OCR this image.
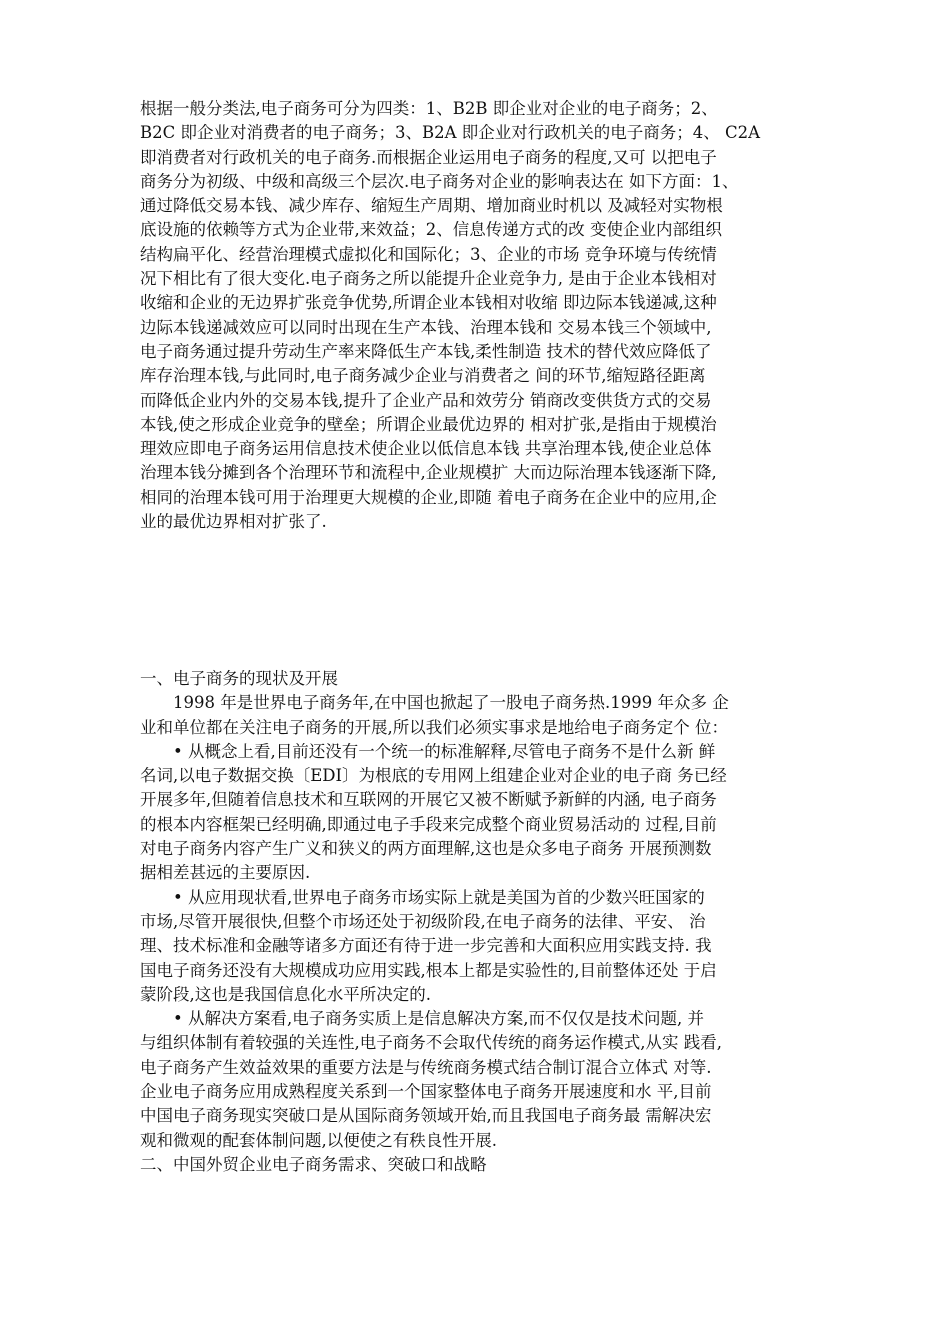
根据一般分类法,电子商务可分为四类：1、B2B 即企业对企业的电子商务；2、
B2C 即企业对消费者的电子商务；3、B2A 即企业对行政机关的电子商务；4、 C2A
即消费者对行政机关的电子商务.而根据企业运用电子商务的程度,又可 以把电子
商务分为初级、中级和高级三个层次.电子商务对企业的影响表达在 如下方面：1、
通过降低交易本钱、减少库存、缩短生产周期、增加商业时机以 及减轻对实物根
底设施的依赖等方式为企业带,来效益；2、信息传递方式的改 变使企业内部组织
结构扁平化、经营治理模式虚拟化和国际化；3、企业的市场 竞争环境与传统情
况下相比有了很大变化.电子商务之所以能提升企业竞争力, 是由于企业本钱相对
收缩和企业的无边界扩张竞争优势,所谓企业本钱相对收缩 即边际本钱递减,这种
边际本钱递减效应可以同时出现在生产本钱、治理本钱和 交易本钱三个领域中,
电子商务通过提升劳动生产率来降低生产本钱,柔性制造 技术的替代效应降低了
库存治理本钱,与此同时,电子商务减少企业与消费者之 间的环节,缩短路径距离
而降低企业内外的交易本钱,提升了企业产品和效劳分 销商改变供货方式的交易
本钱,使之形成企业竞争的壁垒；所谓企业最优边界的 相对扩张,是指由于规模治
理效应即电子商务运用信息技术使企业以低信息本钱 共享治理本钱,使企业总体
治理本钱分摊到各个治理环节和流程中,企业规模扩 大而边际治理本钱逐渐下降,
相同的治理本钱可用于治理更大规模的企业,即随 着电子商务在企业中的应用,企
业的最优边界相对扩张了.
一、电子商务的现状及开展
1998 年是世界电子商务年,在中国也掀起了一股电子商务热.1999 年众多 企
业和单位都在关注电子商务的开展,所以我们必须实事求是地给电子商务定个 位：
• 从概念上看,目前还没有一个统一的标准解释,尽管电子商务不是什么新 鲜
名词,以电子数据交换〔EDI〕为根底的专用网上组建企业对企业的电子商 务已经
开展多年,但随着信息技术和互联网的开展它又被不断赋予新鲜的内涵, 电子商务
的根本内容框架已经明确,即通过电子手段来完成整个商业贸易活动的 过程,目前
对电子商务内容产生广义和狭义的两方面理解,这也是众多电子商务 开展预测数
据相差甚远的主要原因.
• 从应用现状看,世界电子商务市场实际上就是美国为首的少数兴旺国家的
市场,尽管开展很快,但整个市场还处于初级阶段,在电子商务的法律、平安、 治
理、技术标准和金融等诸多方面还有待于进一步完善和大面积应用实践支持. 我
国电子商务还没有大规模成功应用实践,根本上都是实验性的,目前整体还处 于启
蒙阶段,这也是我国信息化水平所决定的.
• 从解决方案看,电子商务实质上是信息解决方案,而不仅仅是技术问题, 并
与组织体制有着较强的关连性,电子商务不会取代传统的商务运作模式,从实 践看,
电子商务产生效益效果的重要方法是与传统商务模式结合制订混合立体式 对等.
企业电子商务应用成熟程度关系到一个国家整体电子商务开展速度和水 平,目前
中国电子商务现实突破口是从国际商务领域开始,而且我国电子商务最 需解决宏
观和微观的配套体制问题,以便使之有秩良性开展.
二、中国外贸企业电子商务需求、突破口和战略
